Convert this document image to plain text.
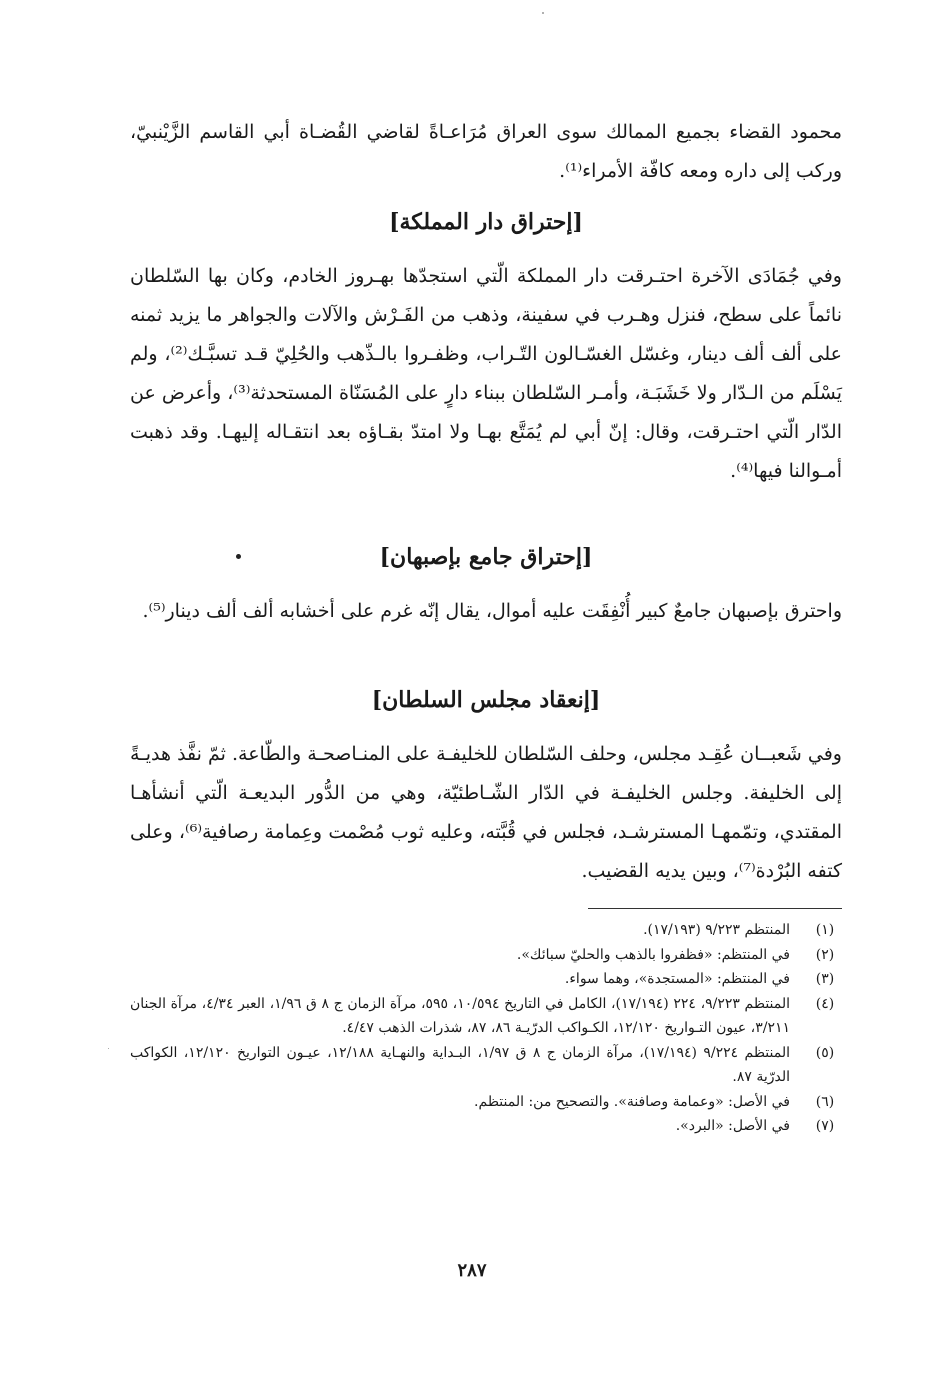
محمود القضاء بجميع الممالك سوى العراق مُرَاعـاةً لقاضي القُضـاة أبي القاسم الزَّيْنبيّ، وركب إلى داره ومعه كافّة الأمراء⁽¹⁾.

[إحتراق دار المملكة]

وفي جُمَادَى الآخرة احتـرقت دار المملكة الّتي استجدّها بهـروز الخادم، وكان بها السّلطان نائماً على سطح، فنزل وهـرب في سفينة، وذهب من الفَـرْش والآلات والجواهر ما يزيد ثمنه على ألف ألف دينار، وغسّل الغسّـالون التّـراب، وظفـروا بالـذّهب والحُلِيّ قـد تسبَّـك⁽²⁾، ولم يَسْلَم من الـدّار ولا خَشَبَـة، وأمـر السّلطان ببناء دارٍ على المُسَنّاة المستحدثة⁽³⁾، وأعرض عن الدّار الّتي احتـرقت، وقال: إنّ أبي لم يُمَتَّع بهـا ولا امتدّ بقـاؤه بعد انتقـاله إليهـا. وقد ذهبت أمـوالنا فيها⁽⁴⁾.

[إحتراق جامع بإصبهان]

واحترق بإصبهان جامعٌ كبير أُنْفِقَت عليه أموال، يقال إنّه غرم على أخشابه ألف ألف دينار⁽⁵⁾.

[إنعقاد مجلس السلطان]

وفي شَعبــان عُقِـد مجلس، وحلف السّلطان للخليفـة على المنـاصحـة والطّاعة. ثمّ نفَّذ هديـةً إلى الخليفة. وجلس الخليفـة في الدّار الشّـاطئيّة، وهي من الدُّور البديعـة الّتي أنشأهـا المقتدي، وتمّمهـا المسترشـد، فجلس في قُبَّته، وعليه ثوب مُصْمت وعِمامة رصافية⁽⁶⁾، وعلى كتفه البُرْدة⁽⁷⁾، وبين يديه القضيب.

(١)
المنتظم ٩/٢٢٣ (١٧/١٩٣).
(٢)
في المنتظم: «فظفروا بالذهب والحليّ سبائك».
(٣)
في المنتظم: «المستجدة»، وهما سواء.
(٤)
المنتظم ٩/٢٢٣، ٢٢٤ (١٧/١٩٤)، الكامل في التاريخ ١٠/٥٩٤، ٥٩٥، مرآة الزمان ج ٨ ق ١/٩٦، العبر ٤/٣٤، مرآة الجنان ٣/٢١١، عيون التـواريخ ١٢/١٢٠، الكـواكب الدرّيـة ٨٦، ٨٧، شذرات الذهب ٤/٤٧.
(٥)
المنتظم ٩/٢٢٤ (١٧/١٩٤)، مرآة الزمان ج ٨ ق ١/٩٧، البـداية والنهـاية ١٢/١٨٨، عيـون التواريخ ١٢/١٢٠، الكواكب الدرّية ٨٧.
(٦)
في الأصل: «وعمامة وصافنة». والتصحيح من: المنتظم.
(٧)
في الأصل: «البرد».
٢٨٧
